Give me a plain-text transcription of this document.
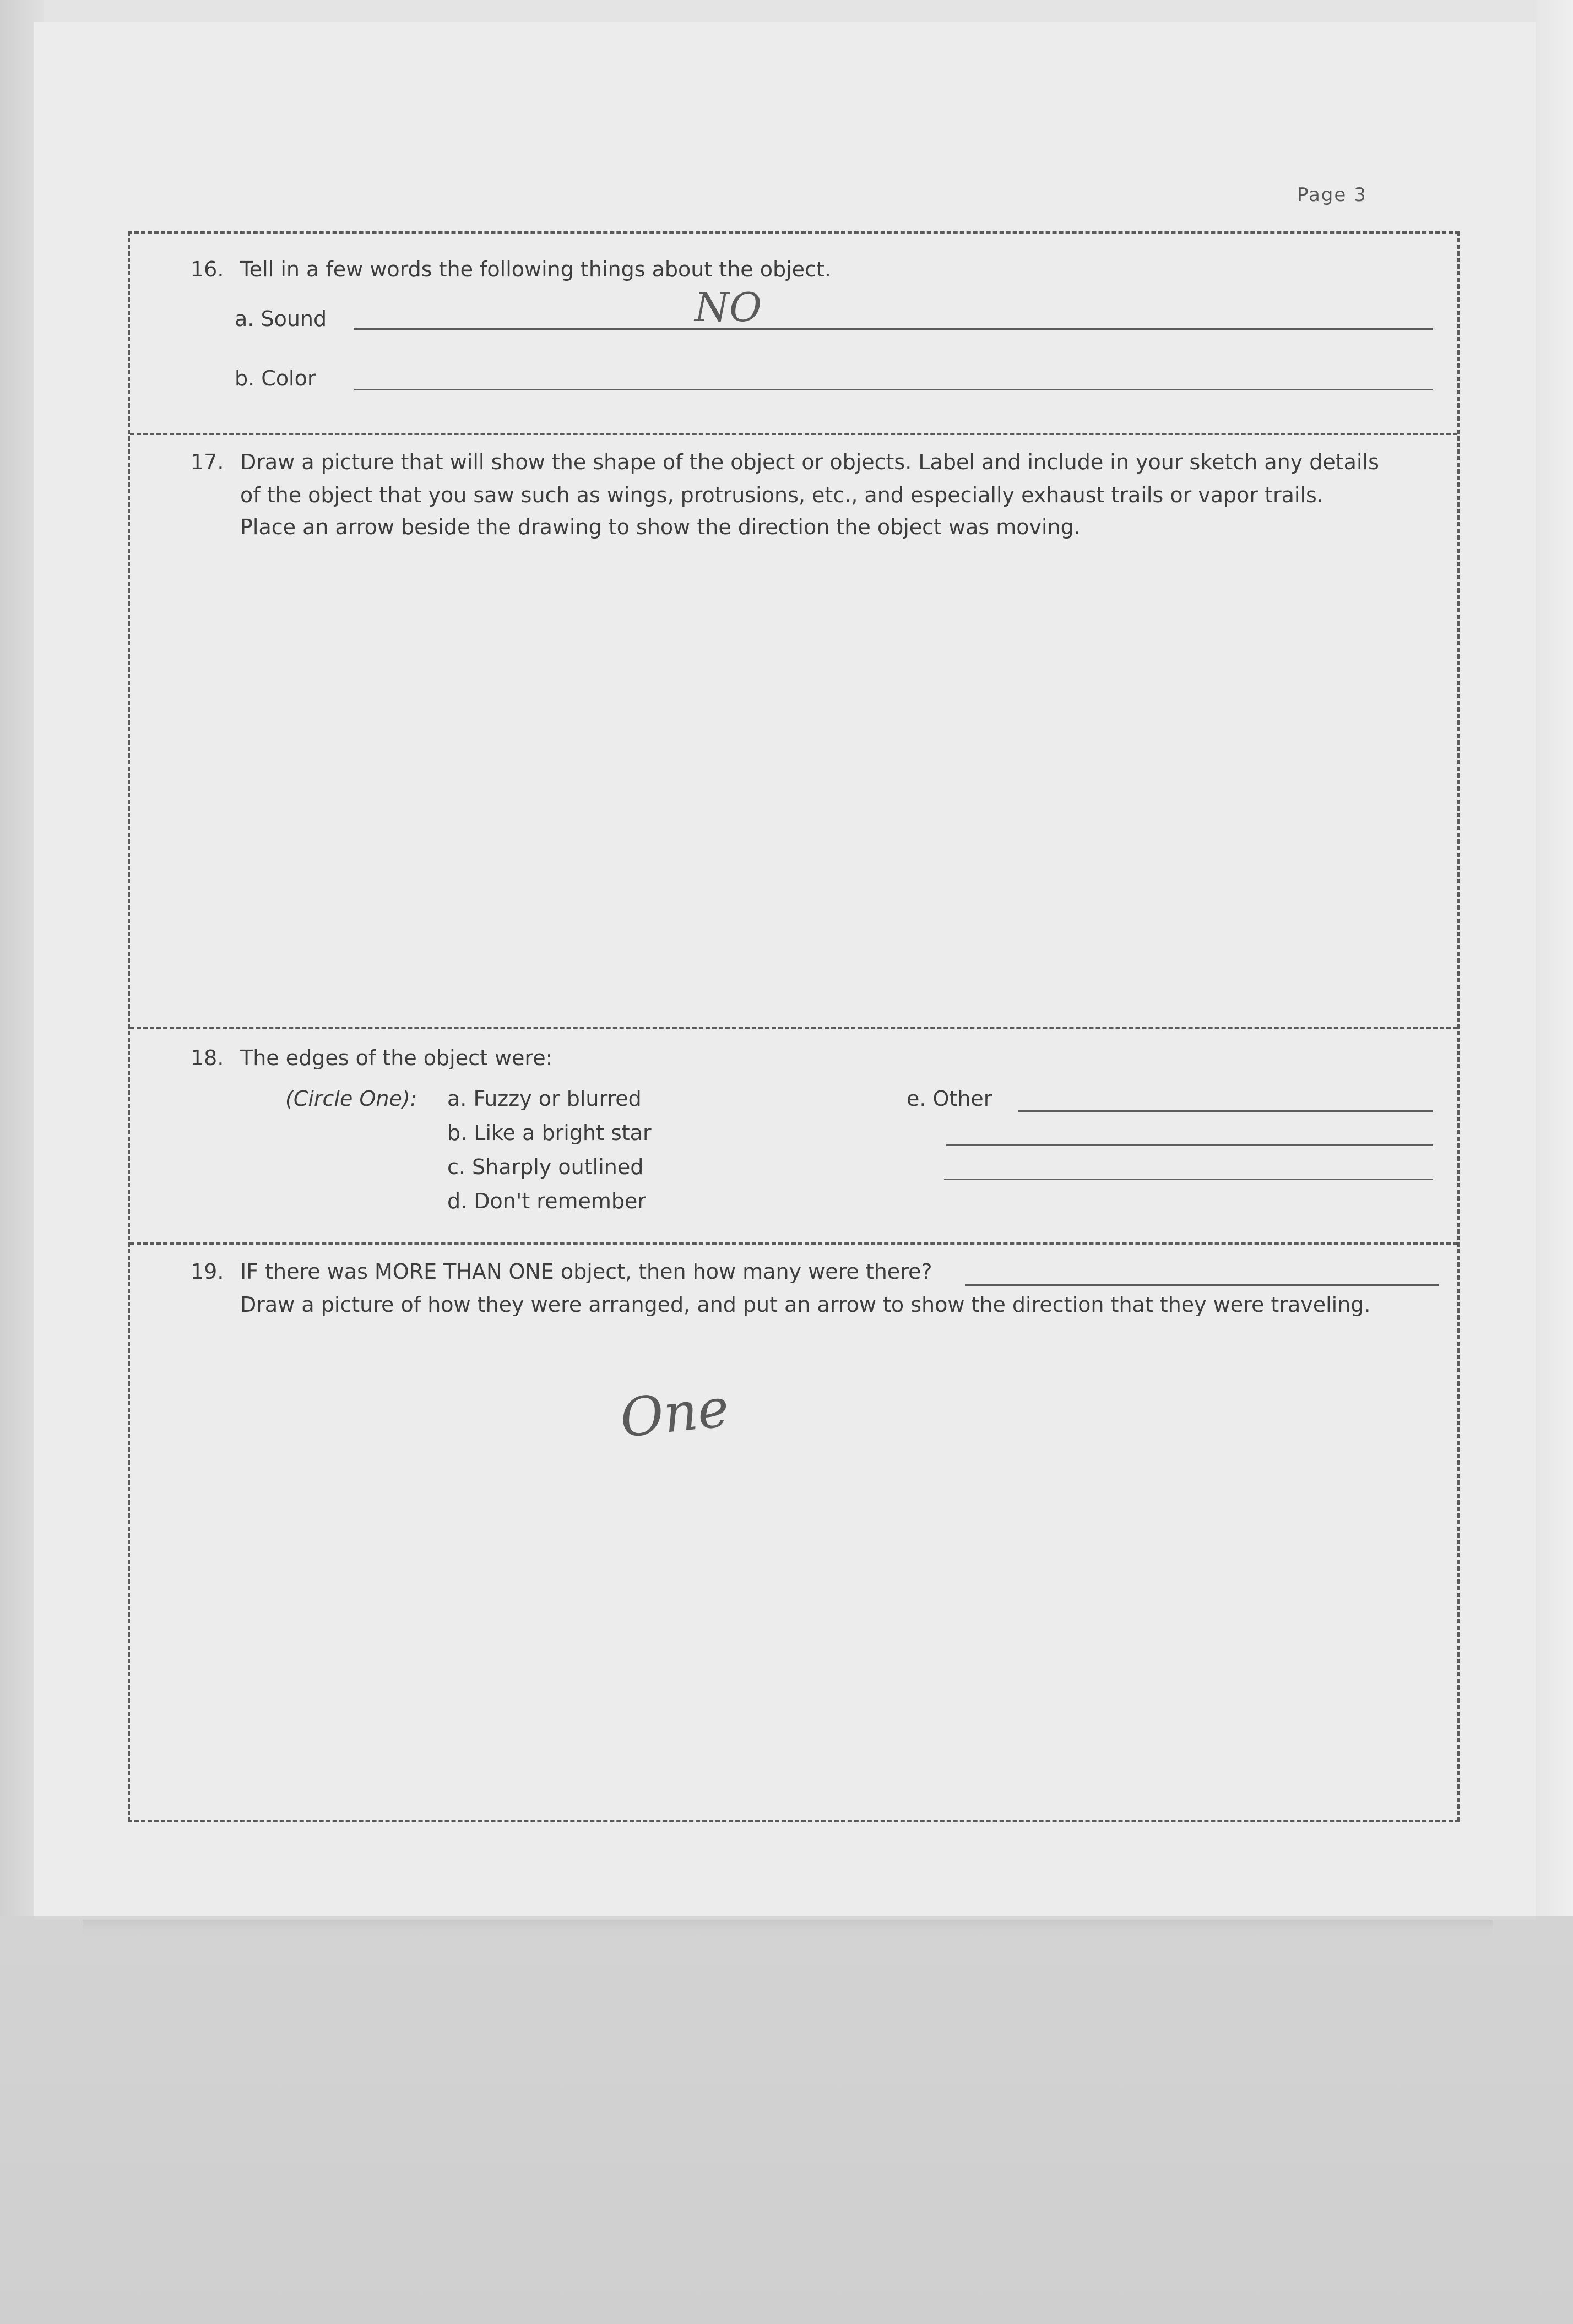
Page 3
16. Tell in a few words the following things about the object.
a. Sound	NO
b. Color
17. Draw a picture that will show the shape of the object or objects. Label and include in your sketch any details
of the object that you saw such as wings, protrusions, etc., and especially exhaust trails or vapor trails.
Place an arrow beside the drawing to show the direction the object was moving.
18. The edges of the object were:
(Circle One): a. Fuzzy or blurred
b. Like a bright star
c. Sharply outlined
d. Don't remember
e. Other
19. IF there was MORE THAN ONE object, then how many were there?
Draw a picture of how they were arranged, and put an arrow to show the direction that they were traveling.
One
